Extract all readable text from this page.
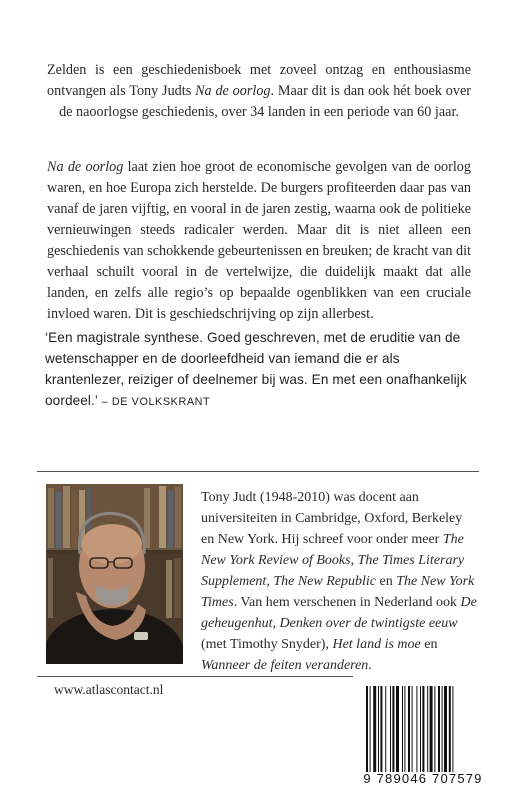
Zelden is een geschiedenisboek met zoveel ontzag en enthousiasme ontvangen als Tony Judts Na de oorlog. Maar dit is dan ook hét boek over de naoorlogse geschiedenis, over 34 landen in een periode van 60 jaar.

Na de oorlog laat zien hoe groot de economische gevolgen van de oorlog waren, en hoe Europa zich herstelde. De burgers profiteerden daar pas van vanaf de jaren vijftig, en vooral in de jaren zestig, waarna ook de politieke vernieuwingen steeds radicaler werden. Maar dit is niet alleen een geschiedenis van schokkende gebeurtenissen en breuken; de kracht van dit verhaal schuilt vooral in de vertelwijze, die duidelijk maakt dat alle landen, en zelfs alle regio’s op bepaalde ogenblikken van een cruciale invloed waren. Dit is geschiedschrijving op zijn allerbest.

‘Een magistrale synthese. Goed geschreven, met de eruditie van de wetenschapper en de doorleefdheid van iemand die er als krantenlezer, reiziger of deelnemer bij was. En met een onafhankelijk oordeel.’ – DE VOLKSKRANT
Tony Judt (1948-2010) was docent aan universiteiten in Cambridge, Oxford, Berkeley en New York. Hij schreef voor onder meer The New York Review of Books, The Times Literary Supplement, The New Republic en The New York Times. Van hem verschenen in Nederland ook De geheugenhut, Denken over de twintigste eeuw (met Timothy Snyder), Het land is moe en Wanneer de feiten veranderen.
www.atlascontact.nl
9 789046 707579
